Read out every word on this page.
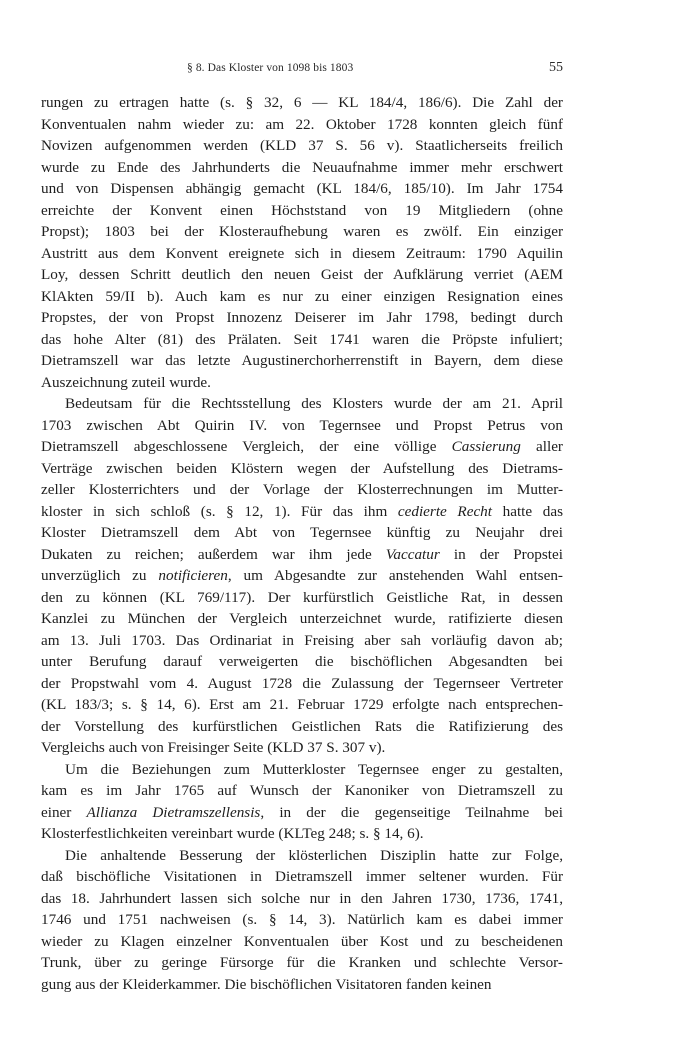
§ 8. Das Kloster von 1098 bis 1803	55

rungen zu ertragen hatte (s. § 32, 6 — KL 184/4, 186/6). Die Zahl der
Konventualen nahm wieder zu: am 22. Oktober 1728 konnten gleich fünf
Novizen aufgenommen werden (KLD 37 S. 56 v). Staatlicherseits freilich
wurde zu Ende des Jahrhunderts die Neuaufnahme immer mehr erschwert
und von Dispensen abhängig gemacht (KL 184/6, 185/10). Im Jahr 1754
erreichte der Konvent einen Höchststand von 19 Mitgliedern (ohne
Propst); 1803 bei der Klosteraufhebung waren es zwölf. Ein einziger
Austritt aus dem Konvent ereignete sich in diesem Zeitraum: 1790 Aquilin
Loy, dessen Schritt deutlich den neuen Geist der Aufklärung verriet (AEM
KlAkten 59/II b). Auch kam es nur zu einer einzigen Resignation eines
Propstes, der von Propst Innozenz Deiserer im Jahr 1798, bedingt durch
das hohe Alter (81) des Prälaten. Seit 1741 waren die Pröpste infuliert;
Dietramszell war das letzte Augustinerchorherrenstift in Bayern, dem diese
Auszeichnung zuteil wurde.

Bedeutsam für die Rechtsstellung des Klosters wurde der am 21. April
1703 zwischen Abt Quirin IV. von Tegernsee und Propst Petrus von
Dietramszell abgeschlossene Vergleich, der eine völlige Cassierung aller
Verträge zwischen beiden Klöstern wegen der Aufstellung des Dietrams-
zeller Klosterrichters und der Vorlage der Klosterrechnungen im Mutter-
kloster in sich schloß (s. § 12, 1). Für das ihm cedierte Recht hatte das
Kloster Dietramszell dem Abt von Tegernsee künftig zu Neujahr drei
Dukaten zu reichen; außerdem war ihm jede Vaccatur in der Propstei
unverzüglich zu notificieren, um Abgesandte zur anstehenden Wahl entsen-
den zu können (KL 769/117). Der kurfürstlich Geistliche Rat, in dessen
Kanzlei zu München der Vergleich unterzeichnet wurde, ratifizierte diesen
am 13. Juli 1703. Das Ordinariat in Freising aber sah vorläufig davon ab;
unter Berufung darauf verweigerten die bischöflichen Abgesandten bei
der Propstwahl vom 4. August 1728 die Zulassung der Tegernseer Vertreter
(KL 183/3; s. § 14, 6). Erst am 21. Februar 1729 erfolgte nach entsprechen-
der Vorstellung des kurfürstlichen Geistlichen Rats die Ratifizierung des
Vergleichs auch von Freisinger Seite (KLD 37 S. 307 v).

Um die Beziehungen zum Mutterkloster Tegernsee enger zu gestalten,
kam es im Jahr 1765 auf Wunsch der Kanoniker von Dietramszell zu
einer Allianza Dietramszellensis, in der die gegenseitige Teilnahme bei
Klosterfestlichkeiten vereinbart wurde (KLTeg 248; s. § 14, 6).

Die anhaltende Besserung der klösterlichen Disziplin hatte zur Folge,
daß bischöfliche Visitationen in Dietramszell immer seltener wurden. Für
das 18. Jahrhundert lassen sich solche nur in den Jahren 1730, 1736, 1741,
1746 und 1751 nachweisen (s. § 14, 3). Natürlich kam es dabei immer
wieder zu Klagen einzelner Konventualen über Kost und zu bescheidenen
Trunk, über zu geringe Fürsorge für die Kranken und schlechte Versor-
gung aus der Kleiderkammer. Die bischöflichen Visitatoren fanden keinen
